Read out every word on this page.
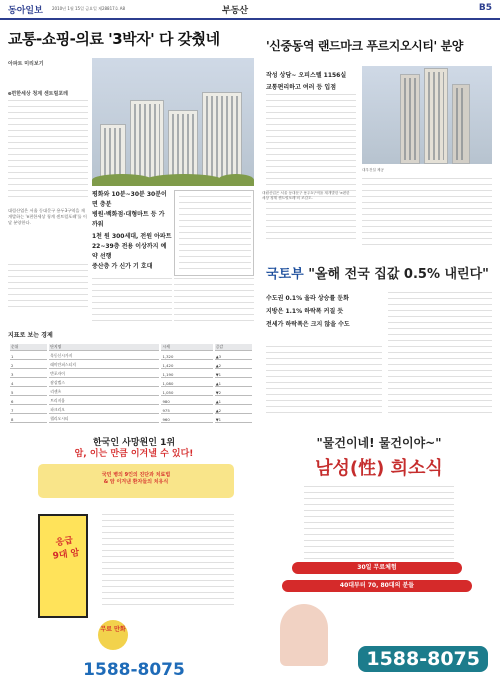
동아일보 2010년 1월 15일 금요일 제28817호 A8	부동산	B5
교통-쇼핑-의료 '3박자' 다 갖췄네
아파트 미리보기
e편한세상 청계 센트럴포레
대림산업은 서울 동대문구 용두3구역을 재개발하는 'e편한세상 청계 센트럴포레'를 이달 분양한다.
대림산업은 서울 동대문구 용두3구역을 재개발한 'e편한세상 청계 센트럴포레'의 조감도.
평화와 10분~30분 30분이면 충분
병원·백화점·대형마트 등 가까워
1천 원 300세대, 전원 아파트
22~39층 전용 이상까지 예약 선행
중산층 가 신가 기 호대
지표로 보는 경제
순위	단지명	시세	증감
1	목동신시가지	1,320	▲3
2	래미안퍼스티지	1,420	▲2
3	반포자이	1,190	▼1
4	잠실엘스	1,080	▲1
5	리센츠	1,050	▼2
6	트리지움	980	▲1
7	파크리오	975	▲2
8	헬리오시티	960	▼1
'신중동역 랜드마크 푸르지오시티' 분양
작성 상담~ 오피스텔 1156실
교통편리하고 여러 등 입점
대우건설 제공
국토부 "올해 전국 집값 0.5% 내린다"
수도권 0.1% 올라 상승률 둔화
지방은 1.1% 하락폭 커질 듯
전세가 하락폭은 크지 않을 수도
한국인 사망원인 1위
암, 이는 만큼 이겨낼 수 있다!
국민 병의 9인의 진단과 치료법
& 암 이겨낸 환자들의 치유식
응급
9대 암
무료 만화
1588-8075
"물건이네! 물건이야~"
남성(性) 희소식
30일 무료체험
40대부터 70, 80대의 분들
1588-8075
